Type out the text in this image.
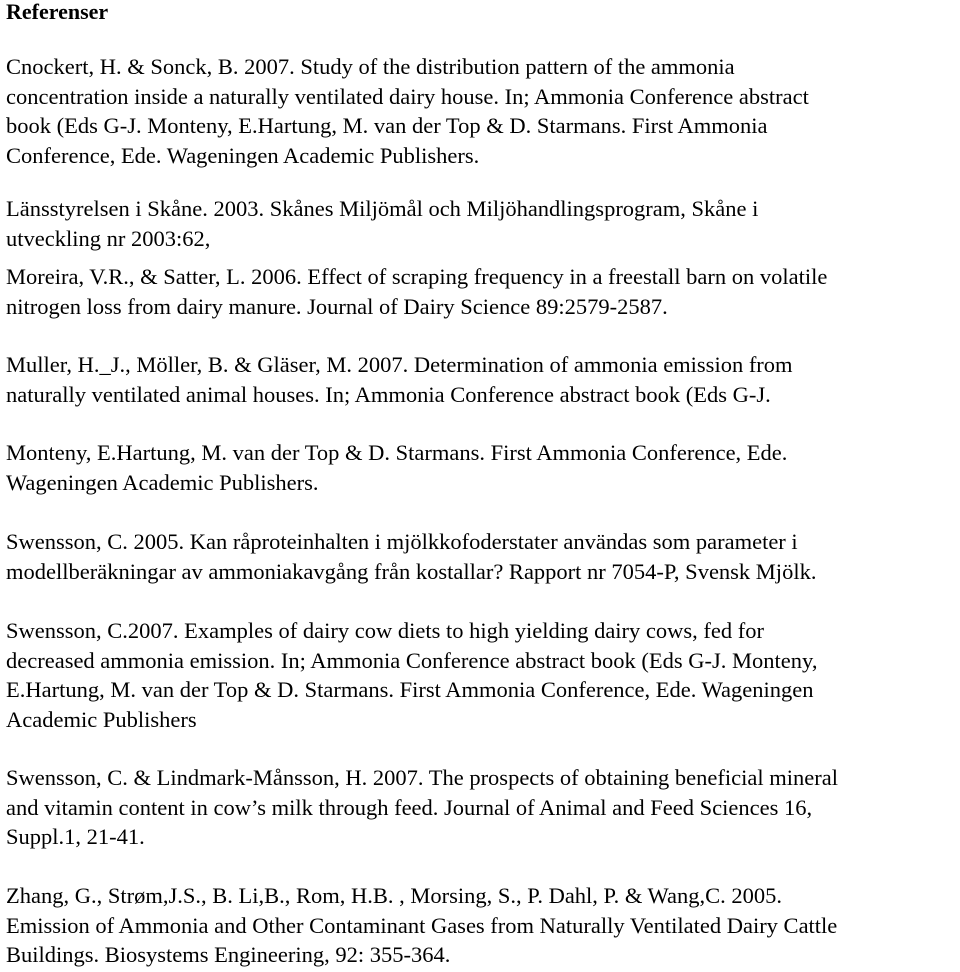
Referenser

Cnockert, H. & Sonck, B. 2007. Study of the distribution pattern of the ammonia
concentration inside a naturally ventilated dairy house. In; Ammonia Conference abstract
book (Eds G-J. Monteny, E.Hartung, M. van der Top & D. Starmans. First Ammonia
Conference, Ede. Wageningen Academic Publishers.

Länsstyrelsen i Skåne. 2003. Skånes Miljömål och Miljöhandlingsprogram, Skåne i
utveckling nr 2003:62,

Moreira, V.R., & Satter, L. 2006. Effect of scraping frequency in a freestall barn on volatile
nitrogen loss from dairy manure. Journal of Dairy Science 89:2579-2587.

Muller, H._J., Möller, B. & Gläser, M. 2007. Determination of ammonia emission from
naturally ventilated animal houses. In; Ammonia Conference abstract book (Eds G-J.

Monteny, E.Hartung, M. van der Top & D. Starmans. First Ammonia Conference, Ede.
Wageningen Academic Publishers.

Swensson, C. 2005. Kan råproteinhalten i mjölkkofoderstater användas som parameter i
modellberäkningar av ammoniakavgång från kostallar? Rapport nr 7054-P, Svensk Mjölk.

Swensson, C.2007. Examples of dairy cow diets to high yielding dairy cows, fed for
decreased ammonia emission. In; Ammonia Conference abstract book (Eds G-J. Monteny,
E.Hartung, M. van der Top & D. Starmans. First Ammonia Conference, Ede. Wageningen
Academic Publishers

Swensson, C. & Lindmark-Månsson, H. 2007. The prospects of obtaining beneficial mineral
and vitamin content in cow’s milk through feed. Journal of Animal and Feed Sciences 16,
Suppl.1, 21-41.

Zhang, G., Strøm,J.S., B. Li,B., Rom, H.B. , Morsing, S., P. Dahl, P. & Wang,C. 2005.
Emission of Ammonia and Other Contaminant Gases from Naturally Ventilated Dairy Cattle
Buildings. Biosystems Engineering, 92: 355-364.
